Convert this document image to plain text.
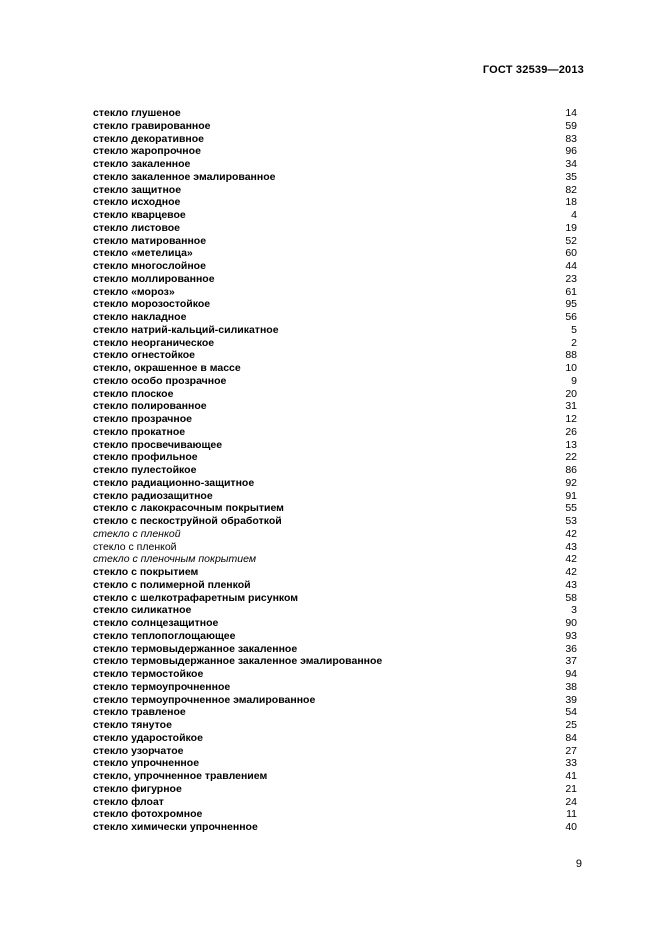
ГОСТ 32539—2013
стекло глушеное	14
стекло гравированное	59
стекло декоративное	83
стекло жаропрочное	96
стекло закаленное	34
стекло закаленное эмалированное	35
стекло защитное	82
стекло исходное	18
стекло кварцевое	4
стекло листовое	19
стекло матированное	52
стекло «метелица»	60
стекло многослойное	44
стекло моллированное	23
стекло «мороз»	61
стекло морозостойкое	95
стекло накладное	56
стекло натрий-кальций-силикатное	5
стекло неорганическое	2
стекло огнестойкое	88
стекло, окрашенное в массе	10
стекло особо прозрачное	9
стекло плоское	20
стекло полированное	31
стекло прозрачное	12
стекло прокатное	26
стекло просвечивающее	13
стекло профильное	22
стекло пулестойкое	86
стекло радиационно-защитное	92
стекло радиозащитное	91
стекло с лакокрасочным покрытием	55
стекло с пескоструйной обработкой	53
стекло с пленкой	42
стекло с пленкой	43
стекло с пленочным покрытием	42
стекло с покрытием	42
стекло с полимерной пленкой	43
стекло с шелкотрафаретным рисунком	58
стекло силикатное	3
стекло солнцезащитное	90
стекло теплопоглощающее	93
стекло термовыдержанное закаленное	36
стекло термовыдержанное закаленное эмалированное	37
стекло термостойкое	94
стекло термоупрочненное	38
стекло термоупрочненное эмалированное	39
стекло травленое	54
стекло тянутое	25
стекло ударостойкое	84
стекло узорчатое	27
стекло упрочненное	33
стекло, упрочненное травлением	41
стекло фигурное	21
стекло флоат	24
стекло фотохромное	11
стекло химически упрочненное	40
9
